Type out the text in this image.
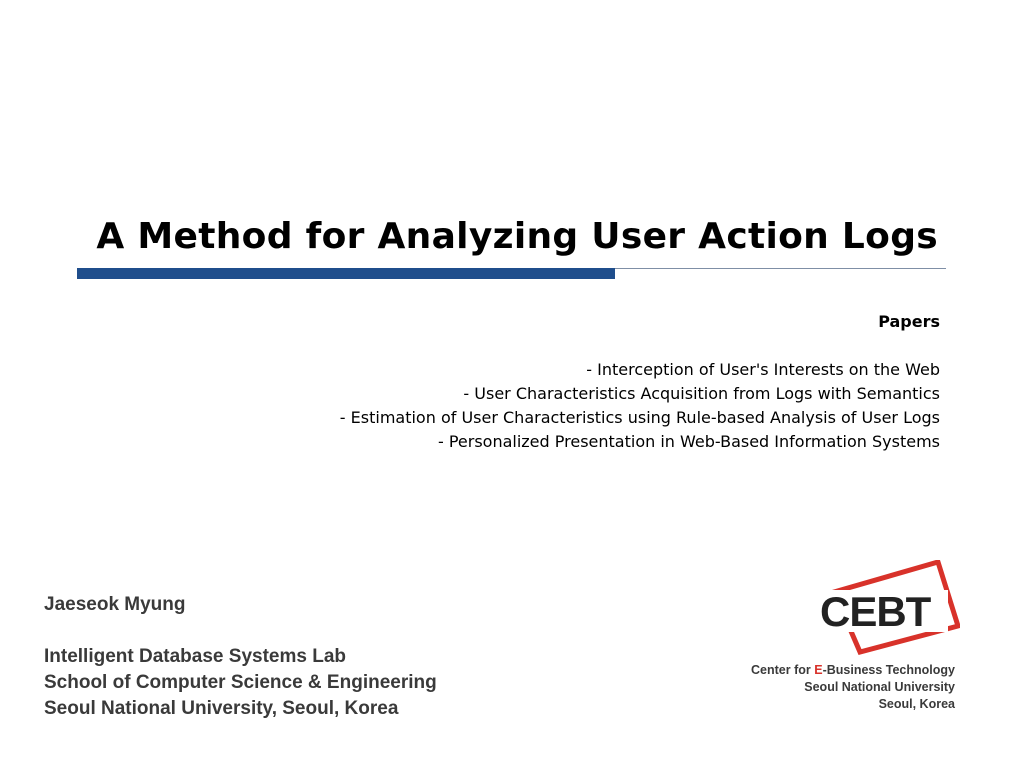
A Method for Analyzing User Action Logs
Papers
- Interception of User's Interests on the Web
- User Characteristics Acquisition from Logs with Semantics
- Estimation of User Characteristics using Rule-based Analysis of User Logs
- Personalized Presentation in Web-Based Information Systems
Jaeseok Myung
Intelligent Database Systems Lab
School of Computer Science & Engineering
Seoul National University, Seoul, Korea
CEBT
Center for E-Business Technology
Seoul National University
Seoul, Korea
